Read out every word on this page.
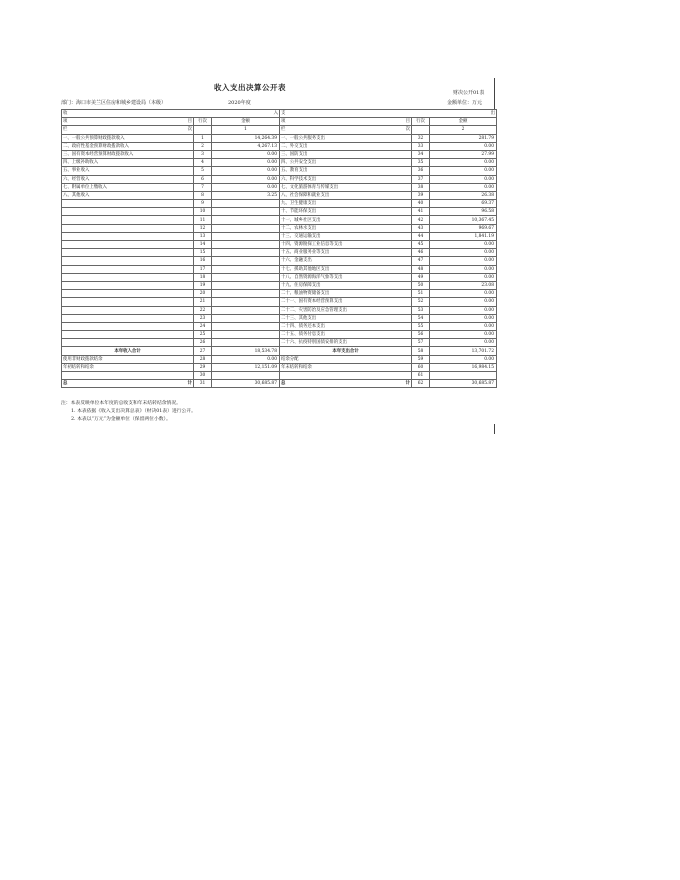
收入支出决算公开表
财决公开01表
部门：海口市美兰区住房和城乡建设局（本级）	2020年度	金额单位：万元
收 入			支 出		

项 目	行次	金额	项 目	行次	金额

栏 次		1	栏 次		2
一、一般公共预算财政拨款收入	1	14,264.39	一、一般公共服务支出	32	281.79
二、政府性基金预算财政拨款收入	2	4,267.13	二、外交支出	33	0.00
三、国有资本经营预算财政拨款收入	3	0.00	三、国防支出	34	27.99
四、上级补助收入	4	0.00	四、公共安全支出	35	0.00
五、事业收入	5	0.00	五、教育支出	36	0.00
六、经营收入	6	0.00	六、科学技术支出	37	0.00
七、附属单位上缴收入	7	0.00	七、文化旅游体育与传媒支出	38	0.00
八、其他收入	8	3.25	八、社会保障和就业支出	39	26.38
	9		九、卫生健康支出	40	69.37
	10		十、节能环保支出	41	96.58
	11		十一、城乡社区支出	42	10,367.45
	12		十二、农林水支出	43	969.67
	13		十三、交通运输支出	44	1,841.19
	14		十四、资源勘探工业信息等支出	45	0.00
	15		十五、商业服务业等支出	46	0.00
	16		十六、金融支出	47	0.00
	17		十七、援助其他地区支出	48	0.00
	18		十八、自然资源海洋气象等支出	49	0.00
	19		十九、住房保障支出	50	23.08
	20		二十、粮油物资储备支出	51	0.00
	21		二十一、国有资本经营预算支出	52	0.00
	22		二十二、灾害防治及应急管理支出	53	0.00
	23		二十三、其他支出	54	0.00
	24		二十四、债务还本支出	55	0.00
	25		二十五、债务付息支出	56	0.00
	26		二十六、抗疫特别国债安排的支出	57	0.00
本年收入合计	27	18,534.78	本年支出合计	58	13,701.72
使用非财政拨款结余	28	0.00	结余分配	59	0.00
年初结转和结余	29	12,151.09	年末结转和结余	60	16,984.15
	30			61	

总 计	31	30,685.87	总 计	62	30,685.87
注：本表反映单位本年度的总收支和年末结转结余情况。
1. 本表依据《收入支出决算总表》（财决01表）进行公开。
2. 本表以“万元”为金额单位（保留两位小数）。
